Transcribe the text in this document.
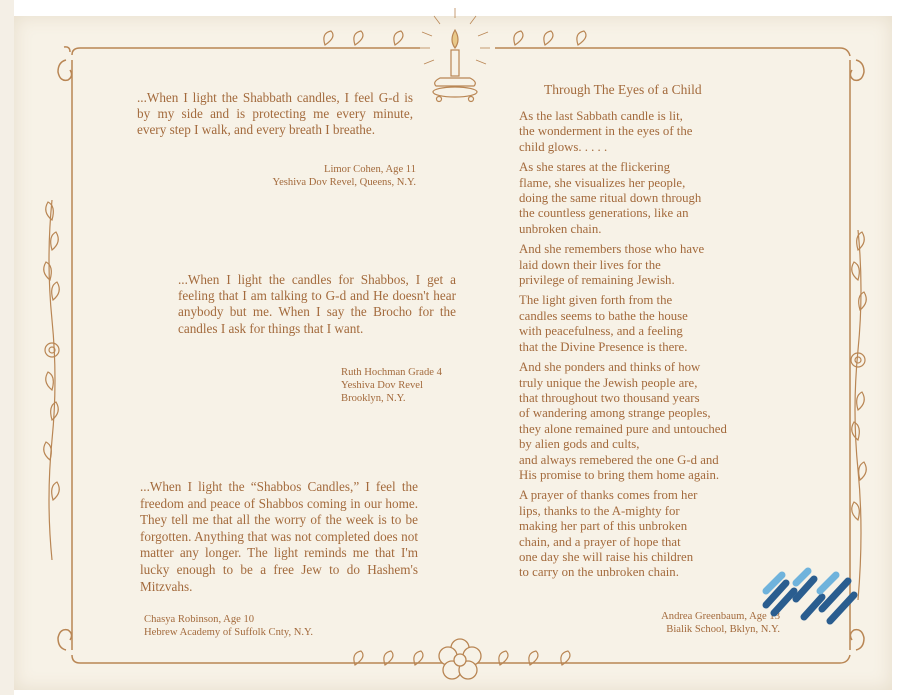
...When I light the Shabbath candles, I feel G-d is by my side and is protecting me every minute, every step I walk, and every breath I breathe.

Limor Cohen, Age 11
Yeshiva Dov Revel, Queens, N.Y.

...When I light the candles for Shabbos, I get a feeling that I am talking to G-d and He doesn't hear anybody but me. When I say the Brocho for the candles I ask for things that I want.

Ruth Hochman Grade 4
Yeshiva Dov Revel
Brooklyn, N.Y.

...When I light the “Shabbos Candles,” I feel the freedom and peace of Shabbos coming in our home. They tell me that all the worry of the week is to be forgotten. Anything that was not completed does not matter any longer. The light reminds me that I'm lucky enough to be a free Jew to do Hashem's Mitzvahs.

Chasya Robinson, Age 10
Hebrew Academy of Suffolk Cnty, N.Y.
Through The Eyes of a Child
As the last Sabbath candle is lit,
the wonderment in the eyes of the
child glows. . . . .
As she stares at the flickering
flame, she visualizes her people,
doing the same ritual down through
the countless generations, like an
unbroken chain.
And she remembers those who have
laid down their lives for the
privilege of remaining Jewish.
The light given forth from the
candles seems to bathe the house
with peacefulness, and a feeling
that the Divine Presence is there.
And she ponders and thinks of how
truly unique the Jewish people are,
that throughout two thousand years
of wandering among strange peoples,
they alone remained pure and untouched
by alien gods and cults,
and always remebered the one G-d and
His promise to bring them home again.
A prayer of thanks comes from her
lips, thanks to the A-mighty for
making her part of this unbroken
chain, and a prayer of hope that
one day she will raise his children
to carry on the unbroken chain.
Andrea Greenbaum, Age 13
Bialik School, Bklyn, N.Y.
